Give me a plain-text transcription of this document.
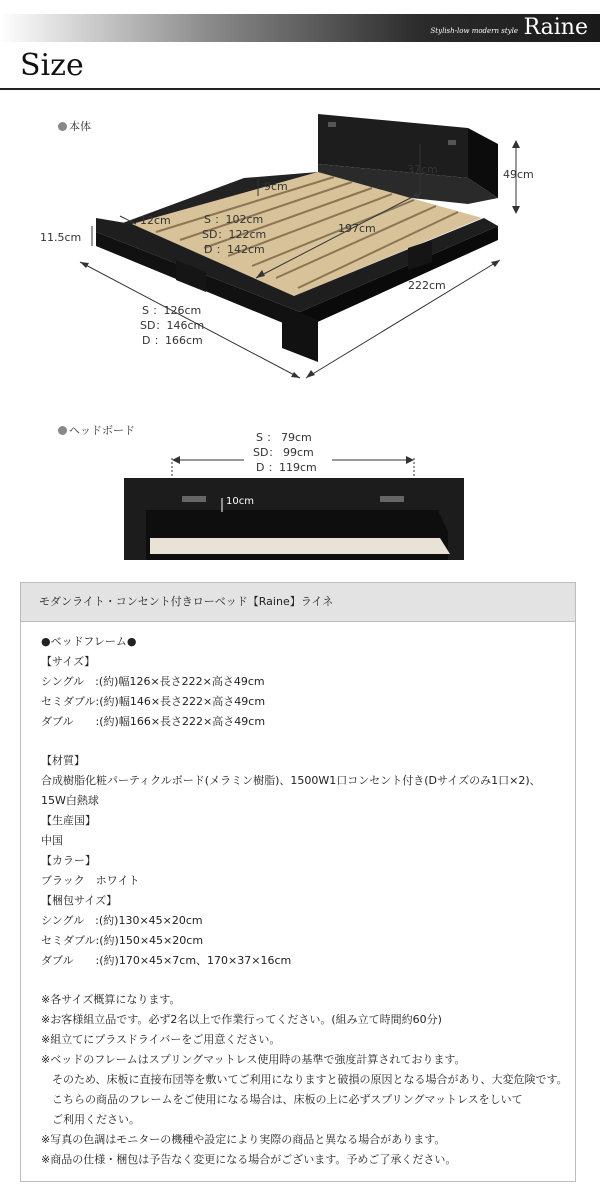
Stylish-low modern style Raine
Size
本体
49cm
37cm
9cm
12cm
11.5cm
197cm
222cm
S ：102cm
SD：122cm
D ：142cm
S ：126cm
SD：146cm
D ：166cm
ヘッドボード
S ： 79cm
SD： 99cm
D ：119cm
10cm
モダンライト・コンセント付きローベッド【Raine】ライネ
●ベッドフレーム●
【サイズ】
シングル　:(約)幅126×長さ222×高さ49cm
セミダブル:(約)幅146×長さ222×高さ49cm
ダブル　　:(約)幅166×長さ222×高さ49cm
【材質】
合成樹脂化粧パーティクルボード(メラミン樹脂)、1500W1口コンセント付き(Dサイズのみ1口×2)、
15W白熱球
【生産国】
中国
【カラー】
ブラック　ホワイト
【梱包サイズ】
シングル　:(約)130×45×20cm
セミダブル:(約)150×45×20cm
ダブル　　:(約)170×45×7cm、170×37×16cm
※各サイズ概算になります。
※お客様組立品です。必ず2名以上で作業行ってください。(組み立て時間約60分)
※組立てにプラスドライバーをご用意ください。
※ベッドのフレームはスプリングマットレス使用時の基準で強度計算されております。
　そのため、床板に直接布団等を敷いてご利用になりますと破損の原因となる場合があり、大変危険です。
　こちらの商品のフレームをご使用になる場合は、床板の上に必ずスプリングマットレスをしいて
　ご利用ください。
※写真の色調はモニターの機種や設定により実際の商品と異なる場合があります。
※商品の仕様・梱包は予告なく変更になる場合がございます。予めご了承ください。
